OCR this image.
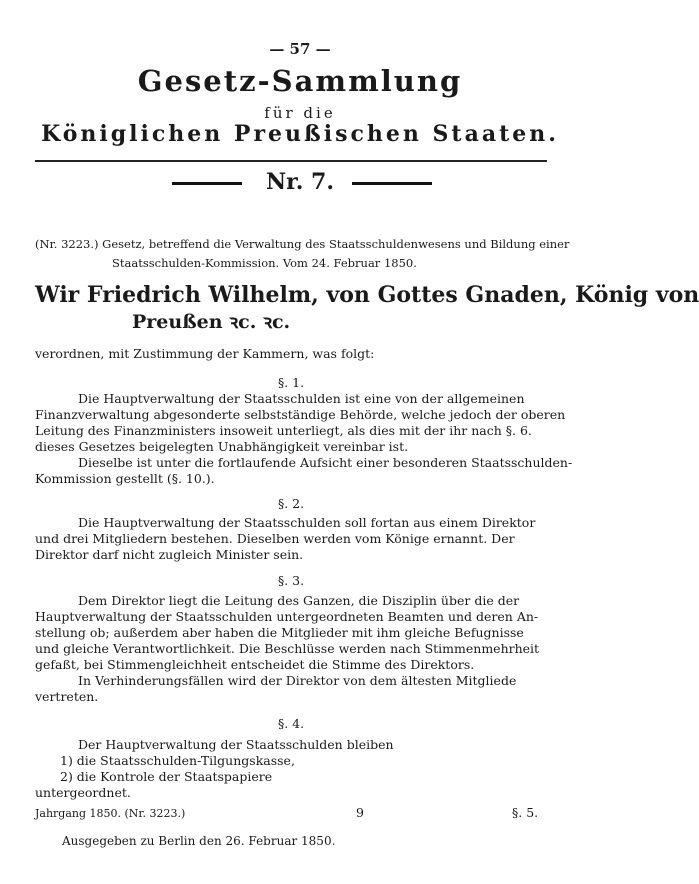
— 57 —
Gesetz-Sammlung
für die
Königlichen Preußischen Staaten.
Nr. 7.
(Nr. 3223.) Gesetz, betreffend die Verwaltung des Staatsschuldenwesens und Bildung einer
Staatsschulden-Kommission. Vom 24. Februar 1850.
Wir Friedrich Wilhelm, von Gottes Gnaden, König von
Preußen ꝛc. ꝛc.
verordnen, mit Zustimmung der Kammern, was folgt:
§. 1.
Die Hauptverwaltung der Staatsschulden ist eine von der allgemeinen
Finanzverwaltung abgesonderte selbstständige Behörde, welche jedoch der oberen
Leitung des Finanzministers insoweit unterliegt, als dies mit der ihr nach §. 6.
dieses Gesetzes beigelegten Unabhängigkeit vereinbar ist.
Dieselbe ist unter die fortlaufende Aufsicht einer besonderen Staatsschulden-
Kommission gestellt (§. 10.).
§. 2.
Die Hauptverwaltung der Staatsschulden soll fortan aus einem Direktor
und drei Mitgliedern bestehen. Dieselben werden vom Könige ernannt. Der
Direktor darf nicht zugleich Minister sein.
§. 3.
Dem Direktor liegt die Leitung des Ganzen, die Disziplin über die der
Hauptverwaltung der Staatsschulden untergeordneten Beamten und deren An-
stellung ob; außerdem aber haben die Mitglieder mit ihm gleiche Befugnisse
und gleiche Verantwortlichkeit. Die Beschlüsse werden nach Stimmenmehrheit
gefaßt, bei Stimmengleichheit entscheidet die Stimme des Direktors.
In Verhinderungsfällen wird der Direktor von dem ältesten Mitgliede
vertreten.
§. 4.
Der Hauptverwaltung der Staatsschulden bleiben
1) die Staatsschulden-Tilgungskasse,
2) die Kontrole der Staatspapiere
untergeordnet.
Jahrgang 1850. (Nr. 3223.)	9	§. 5.
Ausgegeben zu Berlin den 26. Februar 1850.
